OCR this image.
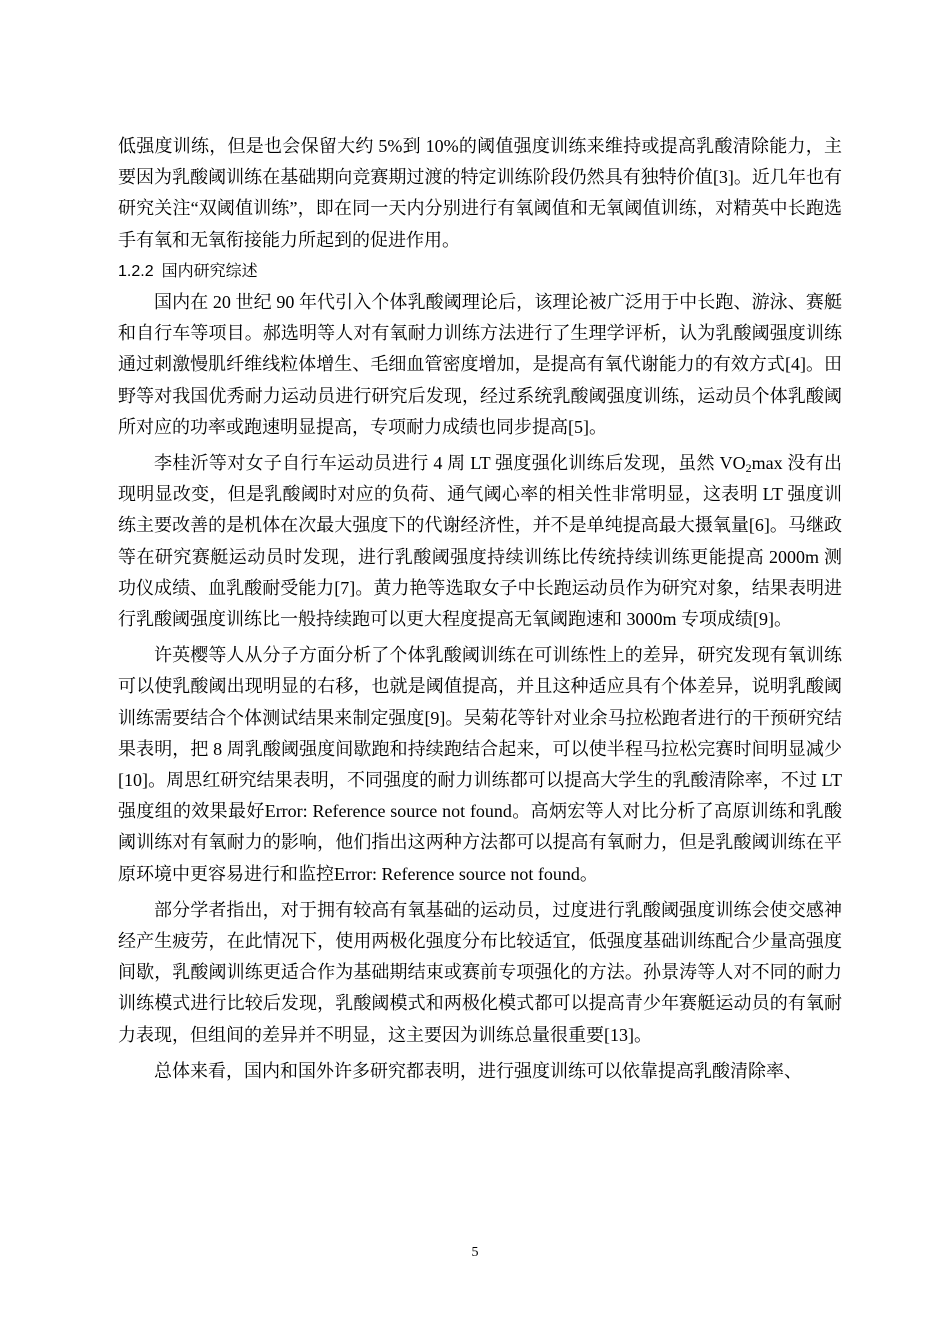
低强度训练，但是也会保留大约 5%到 10%的阈值强度训练来维持或提高乳酸清除能力，主要因为乳酸阈训练在基础期向竞赛期过渡的特定训练阶段仍然具有独特价值[3]。近几年也有研究关注“双阈值训练”，即在同一天内分别进行有氧阈值和无氧阈值训练，对精英中长跑选手有氧和无氧衔接能力所起到的促进作用。

1.2.2 国内研究综述

国内在 20 世纪 90 年代引入个体乳酸阈理论后，该理论被广泛用于中长跑、游泳、赛艇和自行车等项目。郝选明等人对有氧耐力训练方法进行了生理学评析，认为乳酸阈强度训练通过刺激慢肌纤维线粒体增生、毛细血管密度增加，是提高有氧代谢能力的有效方式[4]。田野等对我国优秀耐力运动员进行研究后发现，经过系统乳酸阈强度训练，运动员个体乳酸阈所对应的功率或跑速明显提高，专项耐力成绩也同步提高[5]。

李桂沂等对女子自行车运动员进行 4 周 LT 强度强化训练后发现，虽然 $VO_2\max$ 没有出现明显改变，但是乳酸阈时对应的负荷、通气阈心率的相关性非常明显，这表明 LT 强度训练主要改善的是机体在次最大强度下的代谢经济性，并不是单纯提高最大摄氧量[6]。马继政等在研究赛艇运动员时发现，进行乳酸阈强度持续训练比传统持续训练更能提高 2000m 测功仪成绩、血乳酸耐受能力[7]。黄力艳等选取女子中长跑运动员作为研究对象，结果表明进行乳酸阈强度训练比一般持续跑可以更大程度提高无氧阈跑速和 3000m 专项成绩[9]。

许英樱等人从分子方面分析了个体乳酸阈训练在可训练性上的差异，研究发现有氧训练可以使乳酸阈出现明显的右移，也就是阈值提高，并且这种适应具有个体差异，说明乳酸阈训练需要结合个体测试结果来制定强度[9]。吴菊花等针对业余马拉松跑者进行的干预研究结果表明，把 8 周乳酸阈强度间歇跑和持续跑结合起来，可以使半程马拉松完赛时间明显减少[10]。周思红研究结果表明，不同强度的耐力训练都可以提高大学生的乳酸清除率，不过 LT 强度组的效果最好Error: Reference source not found。高炳宏等人对比分析了高原训练和乳酸阈训练对有氧耐力的影响，他们指出这两种方法都可以提高有氧耐力，但是乳酸阈训练在平原环境中更容易进行和监控Error: Reference source not found。

部分学者指出，对于拥有较高有氧基础的运动员，过度进行乳酸阈强度训练会使交感神经产生疲劳，在此情况下，使用两极化强度分布比较适宜，低强度基础训练配合少量高强度间歇，乳酸阈训练更适合作为基础期结束或赛前专项强化的方法。孙景涛等人对不同的耐力训练模式进行比较后发现，乳酸阈模式和两极化模式都可以提高青少年赛艇运动员的有氧耐力表现，但组间的差异并不明显，这主要因为训练总量很重要[13]。

总体来看，国内和国外许多研究都表明，进行强度训练可以依靠提高乳酸清除率、

5
